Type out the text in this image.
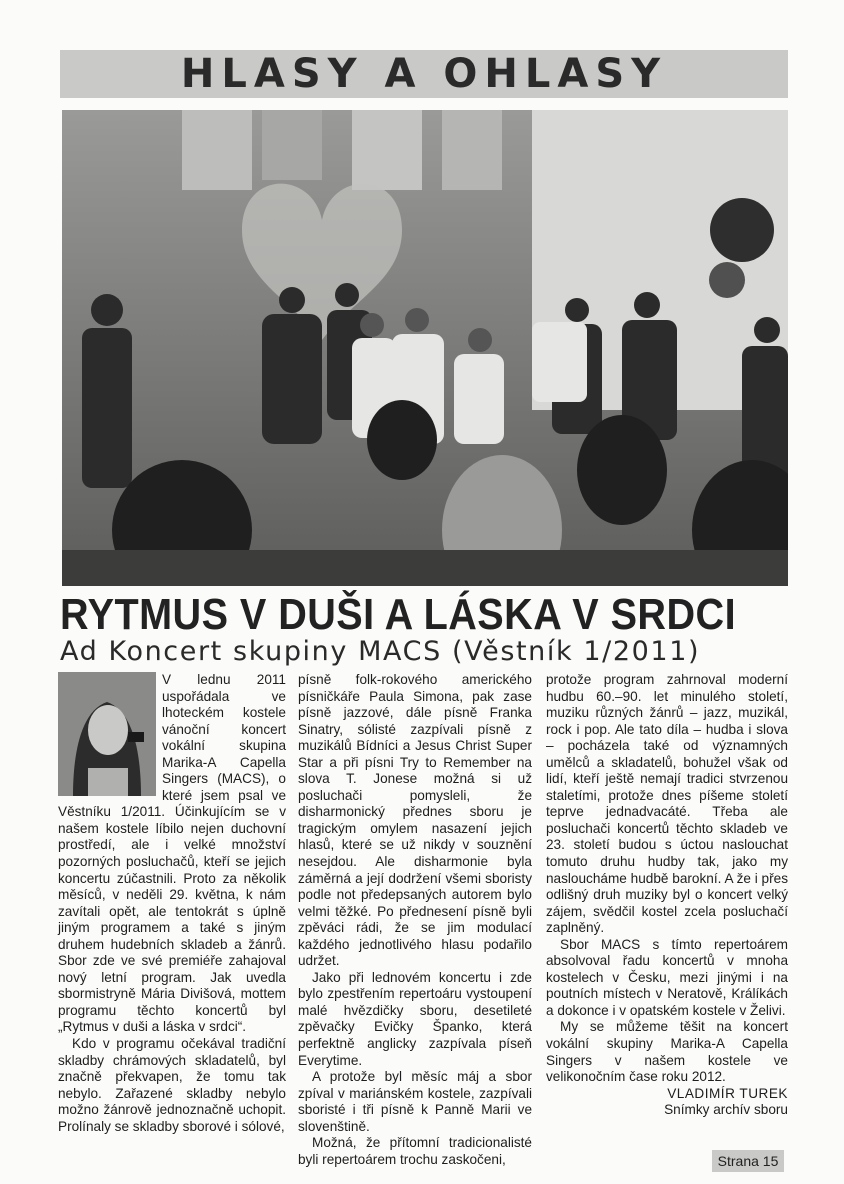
HLASY A OHLASY
RYTMUS V DUŠI A LÁSKA V SRDCI
Ad Koncert skupiny MACS (Věstník 1/2011)

V lednu 2011 uspořádala ve lhoteckém kostele vánoční koncert vokální skupina Marika-A Capella Singers (MACS), o které jsem psal ve Věstníku 1/2011. Účinkujícím se v našem kostele líbilo nejen duchovní prostředí, ale i velké množství pozorných posluchačů, kteří se jejich koncertu zúčastnili. Proto za několik měsíců, v neděli 29. května, k nám zavítali opět, ale tentokrát s úplně jiným programem a také s jiným druhem hudebních skladeb a žánrů. Sbor zde ve své premiéře zahajoval nový letní program. Jak uvedla sbormistryně Mária Divišová, mottem programu těchto koncertů byl „Rytmus v duši a láska v srdci“.

Kdo v programu očekával tradiční skladby chrámových skladatelů, byl značně překvapen, že tomu tak nebylo. Zařazené skladby nebylo možno žánrově jednoznačně uchopit. Prolínaly se skladby sborové i sólové,

písně folk-rokového amerického písničkáře Paula Simona, pak zase písně jazzové, dále písně Franka Sinatry, sólisté zazpívali písně z muzikálů Bídníci a Jesus Christ Super Star a při písni Try to Remember na slova T. Jonese možná si už posluchači pomysleli, že disharmonický přednes sboru je tragickým omylem nasazení jejich hlasů, které se už nikdy v souznění nesejdou. Ale disharmonie byla záměrná a její dodržení všemi sboristy podle not předepsaných autorem bylo velmi těžké. Po přednesení písně byli zpěváci rádi, že se jim modulací každého jednotlivého hlasu podařilo udržet.

Jako při lednovém koncertu i zde bylo zpestřením repertoáru vystoupení malé hvězdičky sboru, desetileté zpěvačky Evičky Španko, která perfektně anglicky zazpívala píseň Everytime.

A protože byl měsíc máj a sbor zpíval v mariánském kostele, zazpívali sboristé i tři písně k Panně Marii ve slovenštině.

Možná, že přítomní tradicionalisté byli repertoárem trochu zaskočeni,

protože program zahrnoval moderní hudbu 60.–90. let minulého století, muziku různých žánrů – jazz, muzikál, rock i pop. Ale tato díla – hudba i slova – pocházela také od významných umělců a skladatelů, bohužel však od lidí, kteří ještě nemají tradici stvrzenou staletími, protože dnes píšeme století teprve jednadvacáté. Třeba ale posluchači koncertů těchto skladeb ve 23. století budou s úctou naslouchat tomuto druhu hudby tak, jako my nasloucháme hudbě barokní. A že i přes odlišný druh muziky byl o koncert velký zájem, svědčil kostel zcela posluchačí zaplněný.

Sbor MACS s tímto repertoárem absolvoval řadu koncertů v mnoha kostelech v Česku, mezi jinými i na poutních místech v Neratově, Králíkách a dokonce i v opatském kostele v Želivi.

My se můžeme těšit na koncert vokální skupiny Marika-A Capella Singers v našem kostele ve velikonočním čase roku 2012.

VLADIMÍR TUREK
Snímky archív sboru
Strana 15
